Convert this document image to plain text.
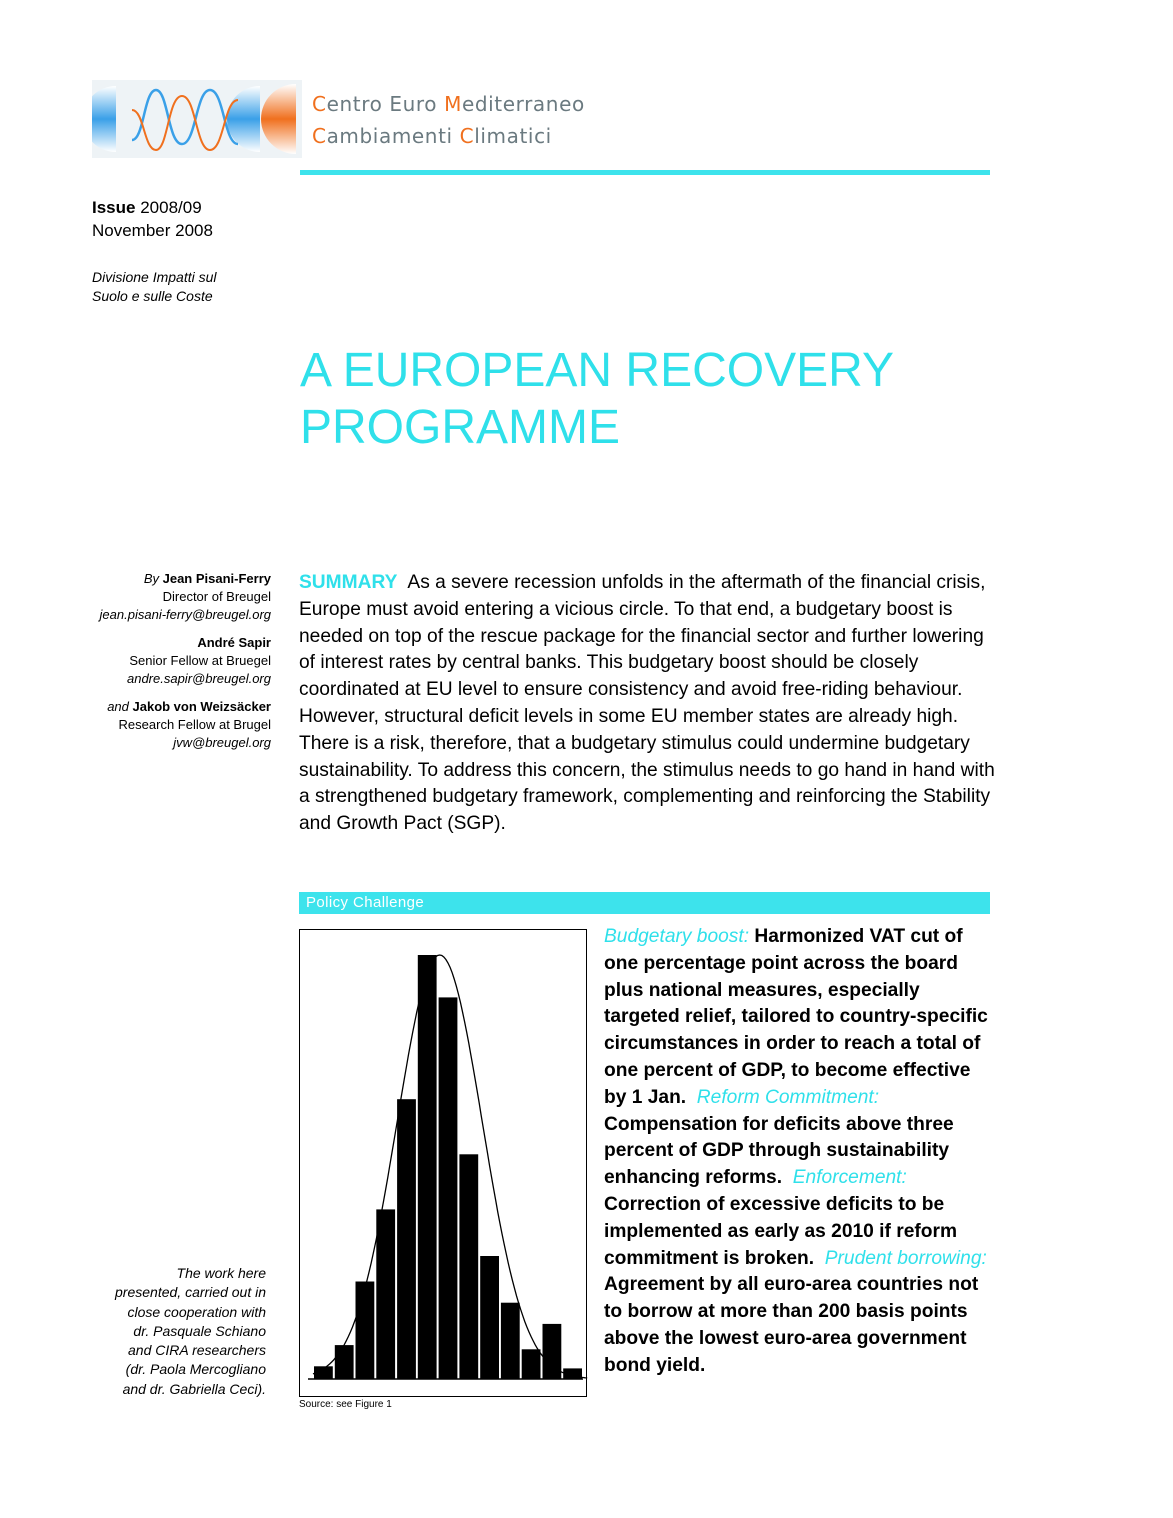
Centro Euro Mediterraneo
Cambiamenti Climatici
Issue 2008/09
November 2008
Divisione Impatti sul
Suolo e sulle Coste
A EUROPEAN RECOVERY
PROGRAMME
By Jean Pisani-Ferry
Director of Breugel
jean.pisani-ferry@breugel.org
André Sapir
Senior Fellow at Bruegel
andre.sapir@breugel.org
and Jakob von Weizsäcker
Research Fellow at Brugel
jvw@breugel.org
SUMMARY As a severe recession unfolds in the aftermath of the financial crisis, Europe must avoid entering a vicious circle. To that end, a budgetary boost is needed on top of the rescue package for the financial sector and further lowering of interest rates by central banks. This budgetary boost should be closely coordinated at EU level to ensure consistency and avoid free-riding behaviour. However, structural deficit levels in some EU member states are already high. There is a risk, therefore, that a budgetary stimulus could undermine budgetary sustainability. To address this concern, the stimulus needs to go hand in hand with a strengthened budgetary framework, complementing and reinforcing the Stability and Growth Pact (SGP).
Policy Challenge
Source: see Figure 1
Budgetary boost: Harmonized VAT cut of one percentage point across the board plus national measures, especially targeted relief, tailored to country-specific circumstances in order to reach a total of one percent of GDP, to become effective by 1 Jan.  Reform Commitment: Compensation for deficits above three percent of GDP through sustainability enhancing reforms.  Enforcement: Correction of excessive deficits to be implemented as early as 2010 if reform commitment is broken.  Prudent borrowing: Agreement by all euro-area countries not to borrow at more than 200 basis points above the lowest euro-area government bond yield.
The work here
presented, carried out in
close cooperation with
dr. Pasquale Schiano
and CIRA researchers
(dr. Paola Mercogliano
and dr. Gabriella Ceci).
